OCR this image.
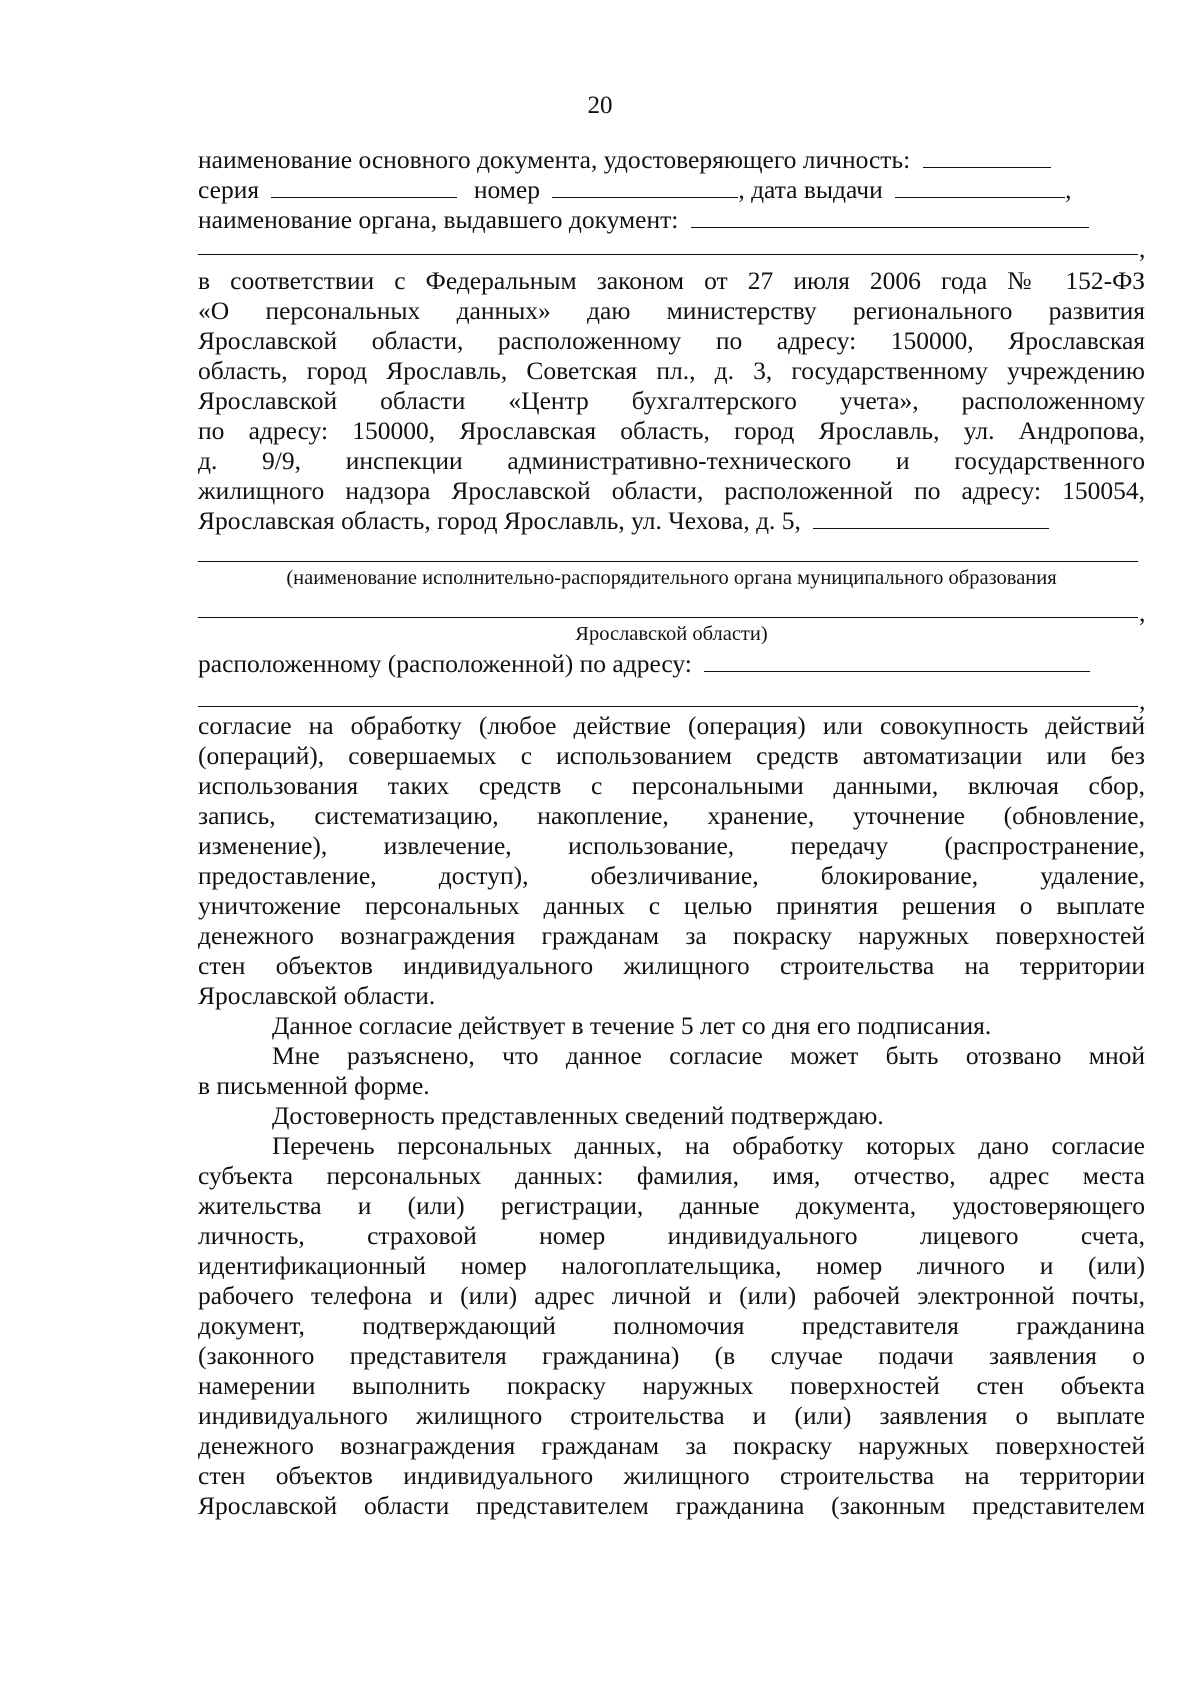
20
наименование основного документа, удостоверяющего личность:
серия	номер	, дата выдачи	,
наименование органа, выдавшего документ:
,
в соответствии с Федеральным законом от 27 июля 2006 года № 152-ФЗ
«О персональных данных» даю министерству регионального развития
Ярославской области, расположенному по адресу: 150000, Ярославская
область, город Ярославль, Советская пл., д. 3, государственному учреждению
Ярославской области «Центр бухгалтерского учета», расположенному
по адресу: 150000, Ярославская область, город Ярославль, ул. Андропова,
д. 9/9, инспекции административно-технического и государственного
жилищного надзора Ярославской области, расположенной по адресу: 150054,
Ярославская область, город Ярославль, ул. Чехова, д. 5,
(наименование исполнительно-распорядительного органа муниципального образования
,
Ярославской области)
расположенному (расположенной) по адресу:
,
согласие на обработку (любое действие (операция) или совокупность действий
(операций), совершаемых с использованием средств автоматизации или без
использования таких средств с персональными данными, включая сбор,
запись, систематизацию, накопление, хранение, уточнение (обновление,
изменение), извлечение, использование, передачу (распространение,
предоставление, доступ), обезличивание, блокирование, удаление,
уничтожение персональных данных с целью принятия решения о выплате
денежного вознаграждения гражданам за покраску наружных поверхностей
стен объектов индивидуального жилищного строительства на территории
Ярославской области.
Данное согласие действует в течение 5 лет со дня его подписания.
Мне разъяснено, что данное согласие может быть отозвано мной
в письменной форме.
Достоверность представленных сведений подтверждаю.
Перечень персональных данных, на обработку которых дано согласие
субъекта персональных данных: фамилия, имя, отчество, адрес места
жительства и (или) регистрации, данные документа, удостоверяющего
личность, страховой номер индивидуального лицевого счета,
идентификационный номер налогоплательщика, номер личного и (или)
рабочего телефона и (или) адрес личной и (или) рабочей электронной почты,
документ, подтверждающий полномочия представителя гражданина
(законного представителя гражданина) (в случае подачи заявления о
намерении выполнить покраску наружных поверхностей стен объекта
индивидуального жилищного строительства и (или) заявления о выплате
денежного вознаграждения гражданам за покраску наружных поверхностей
стен объектов индивидуального жилищного строительства на территории
Ярославской области представителем гражданина (законным представителем
